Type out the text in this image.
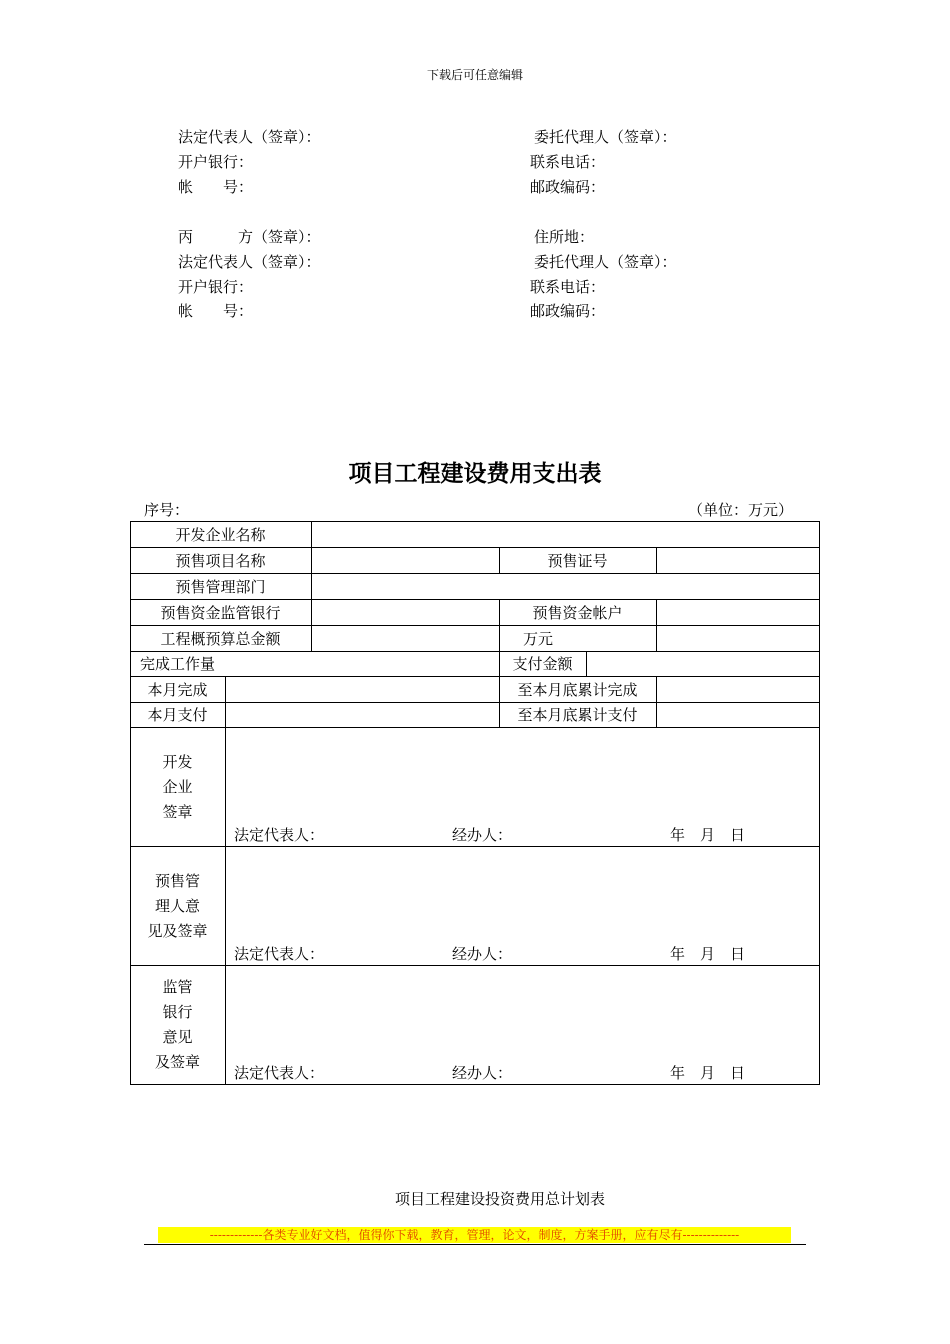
下载后可任意编辑
法定代表人（签章）：	委托代理人（签章）：
开户银行：	联系电话：
帐　　号：	邮政编码：
丙　　　方（签章）：	住所地：
法定代表人（签章）：	委托代理人（签章）：
开户银行：	联系电话：
帐　　号：	邮政编码：
项目工程建设费用支出表
序号：	（单位：万元）
开发企业名称
预售项目名称	预售证号
预售管理部门
预售资金监管银行	预售资金帐户
工程概预算总金额	万元
完成工作量	支付金额
本月完成	至本月底累计完成
本月支付	至本月底累计支付
开发
企业
签章
法定代表人：	经办人：	年　月　日
预售管
理人意
见及签章
法定代表人：	经办人：	年　月　日
监管
银行
意见
及签章
法定代表人：	经办人：	年　月　日
项目工程建设投资费用总计划表
-------------各类专业好文档，值得你下载，教育，管理，论文，制度，方案手册，应有尽有--------------
